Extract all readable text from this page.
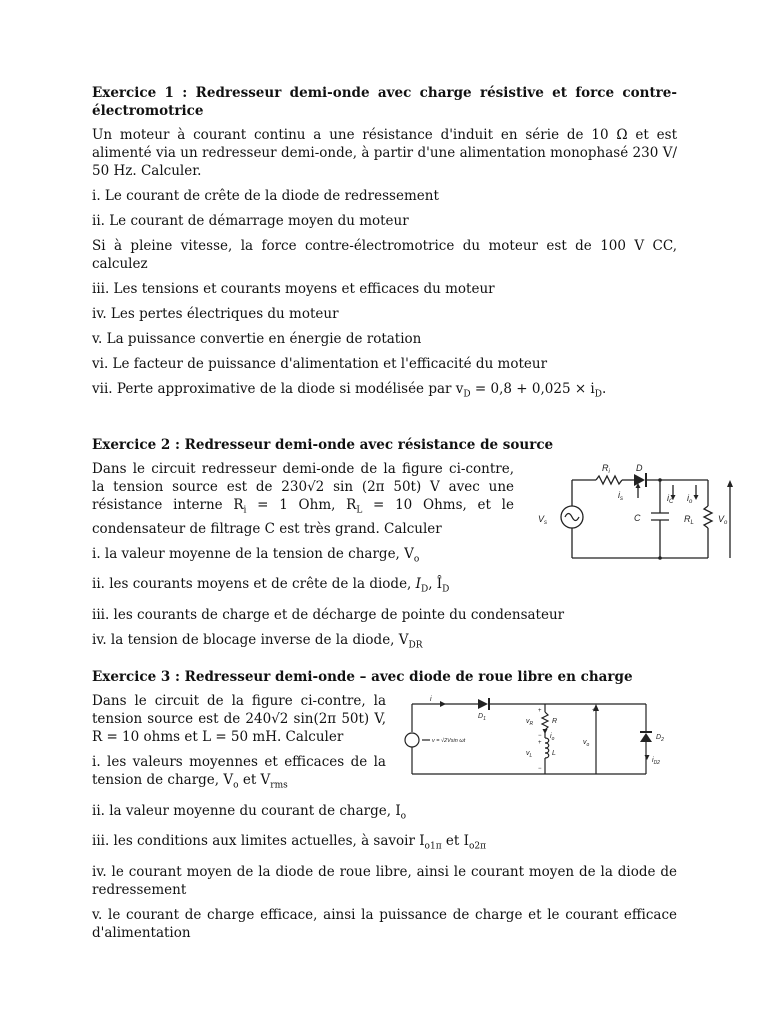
Exercice 1 : Redresseur demi-onde avec charge résistive et force contre-électromotrice

Un moteur à courant continu a une résistance d'induit en série de 10 Ω et est alimenté via un redresseur demi-onde, à partir d'une alimentation monophasé 230 V/ 50 Hz. Calculer.

i. Le courant de crête de la diode de redressement

ii. Le courant de démarrage moyen du moteur

Si à pleine vitesse, la force contre-électromotrice du moteur est de 100 V CC, calculez

iii. Les tensions et courants moyens et efficaces du moteur

iv. Les pertes électriques du moteur

v. La puissance convertie en énergie de rotation

vi. Le facteur de puissance d'alimentation et l'efficacité du moteur

vii. Perte approximative de la diode si modélisée par $v_D = 0,8 + 0,025 \times i_D$.

Exercice 2 : Redresseur demi-onde avec résistance de source

Dans le circuit redresseur demi-onde de la figure ci-contre, la tension source est de 230√2 sin (2π 50t) V avec une résistance interne $R_i = 1$ Ohm, $R_L = 10$ Ohms, et le condensateur de filtrage C est très grand. Calculer

i. la valeur moyenne de la tension de charge, $V_o$

ii. les courants moyens et de crête de la diode, $I_D$, $Î_D$

iii. les courants de charge et de décharge de pointe du condensateur

iv. la tension de blocage inverse de la diode, $V_{DR}$

$R_i$	D
$i_s$	$i_C$ $i_o$
C	$R_L$
$V_s$	$V_o$

Exercice 3 : Redresseur demi-onde – avec diode de roue libre en charge

Dans le circuit de la figure ci-contre, la tension source est de 240√2 sin(2π 50t) V, R = 10 ohms et L = 50 mH. Calculer

i. les valeurs moyennes et efficaces de la tension de charge, $V_o$ et $V_{rms}$

ii. la valeur moyenne du courant de charge, $I_o$

iii. les conditions aux limites actuelles, à savoir $I_{o1\pi}$ et $I_{o2\pi}$

iv. le courant moyen de la diode de roue libre, ainsi le courant moyen de la diode de redressement

v. le courant de charge efficace, ainsi la puissance de charge et le courant efficace d'alimentation

i
$D_1$	$v_R$	R
$i_o$
$v_L$	L
$v_o$
v = √2Vsin ωt	$D_2$
$i_{D2}$
+
−
+
−
+
